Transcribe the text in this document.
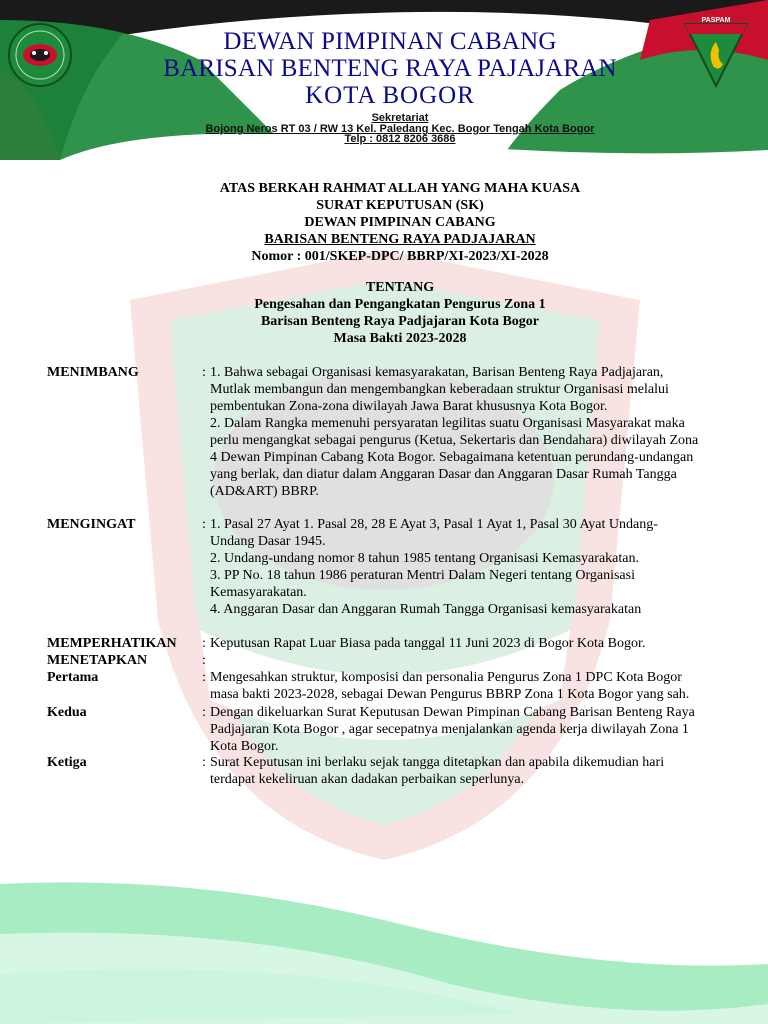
PASPAM
DEWAN PIMPINAN CABANG
BARISAN BENTENG RAYA PAJAJARAN
KOTA BOGOR
Sekretariat
Bojong Neros RT 03 / RW 13 Kel. Paledang Kec. Bogor Tengah Kota Bogor
Telp : 0812 8206 3686
ATAS BERKAH RAHMAT ALLAH YANG MAHA KUASA
SURAT KEPUTUSAN (SK)
DEWAN PIMPINAN CABANG
BARISAN BENTENG RAYA PADJAJARAN
Nomor : 001/SKEP-DPC/ BBRP/XI-2023/XI-2028
TENTANG
Pengesahan dan Pengangkatan Pengurus Zona 1
Barisan Benteng Raya Padjajaran Kota Bogor
Masa Bakti 2023-2028
MENIMBANG	: 1. Bahwa sebagai Organisasi kemasyarakatan, Barisan Benteng Raya Padjajaran,
Mutlak membangun dan mengembangkan keberadaan struktur Organisasi melalui
pembentukan Zona-zona diwilayah Jawa Barat khususnya Kota Bogor.
2. Dalam Rangka memenuhi persyaratan legilitas suatu Organisasi Masyarakat maka
perlu mengangkat sebagai pengurus (Ketua, Sekertaris dan Bendahara) diwilayah Zona
4 Dewan Pimpinan Cabang Kota Bogor. Sebagaimana ketentuan perundang-undangan
yang berlak, dan diatur dalam Anggaran Dasar dan Anggaran Dasar Rumah Tangga
(AD&ART) BBRP.
MENGINGAT	: 1. Pasal 27 Ayat 1. Pasal 28, 28 E Ayat 3, Pasal 1 Ayat 1, Pasal 30 Ayat Undang-
Undang Dasar 1945.
2. Undang-undang nomor 8 tahun 1985 tentang Organisasi Kemasyarakatan.
3. PP No. 18 tahun 1986 peraturan Mentri Dalam Negeri tentang Organisasi
Kemasyarakatan.
4. Anggaran Dasar dan Anggaran Rumah Tangga Organisasi kemasyarakatan
MEMPERHATIKAN : Keputusan Rapat Luar Biasa pada tanggal 11 Juni 2023 di Bogor Kota Bogor.
MENETAPKAN	:
Pertama	: Mengesahkan struktur, komposisi dan personalia Pengurus Zona 1 DPC Kota Bogor
masa bakti 2023-2028, sebagai Dewan Pengurus BBRP Zona 1 Kota Bogor yang sah.
Kedua	: Dengan dikeluarkan Surat Keputusan Dewan Pimpinan Cabang Barisan Benteng Raya
Padjajaran Kota Bogor , agar secepatnya menjalankan agenda kerja diwilayah Zona 1
Kota Bogor.
Ketiga	: Surat Keputusan ini berlaku sejak tangga ditetapkan dan apabila dikemudian hari
terdapat kekeliruan akan dadakan perbaikan seperlunya.
